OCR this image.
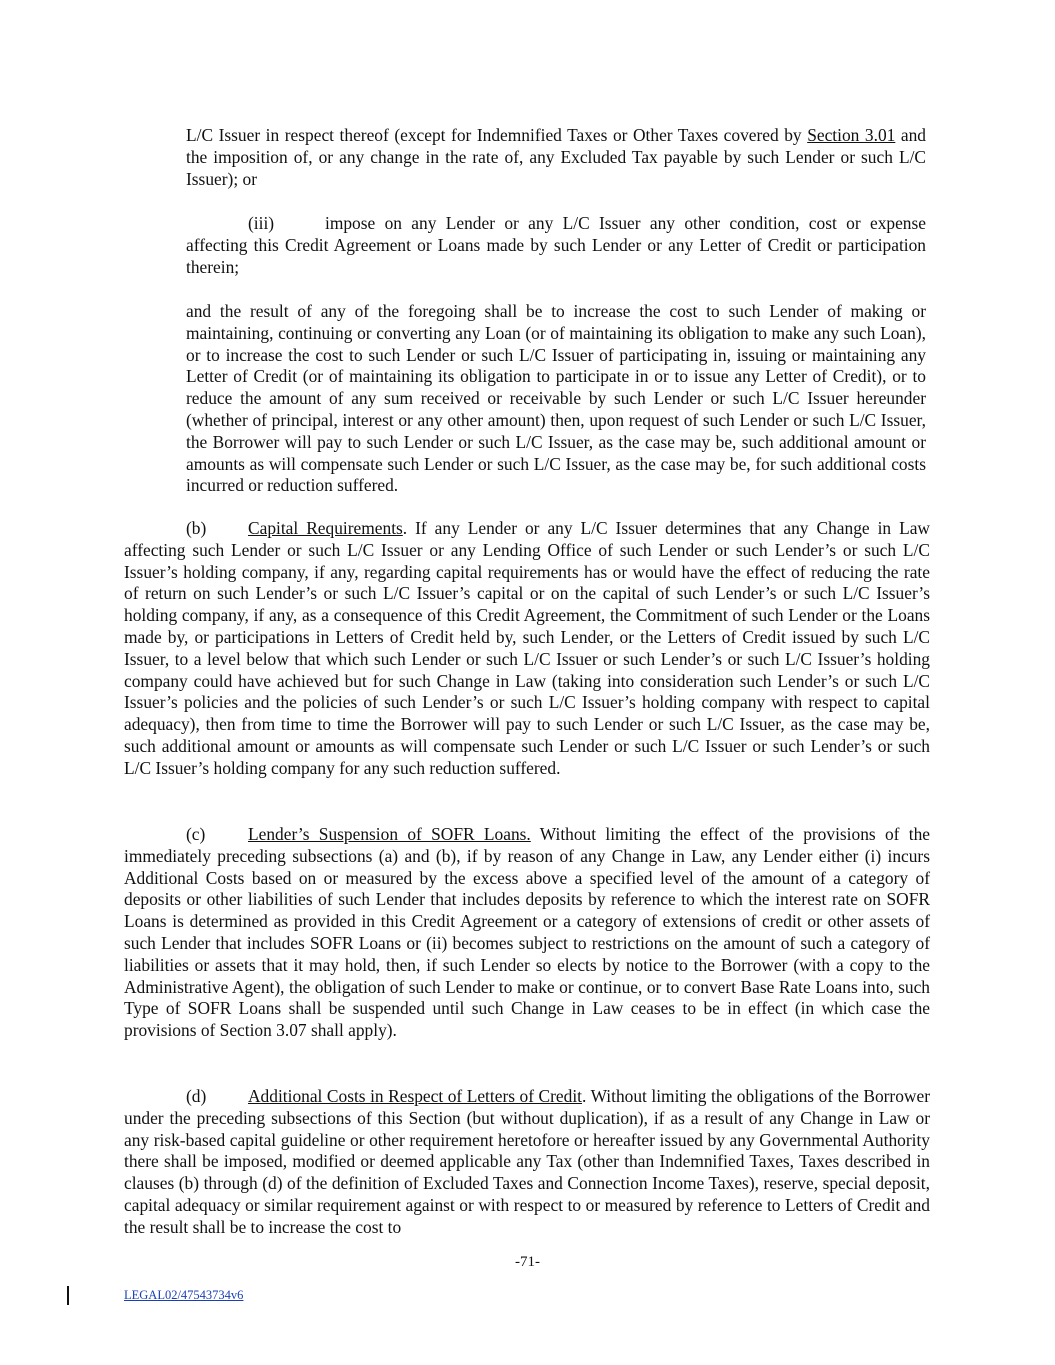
L/C Issuer in respect thereof (except for Indemnified Taxes or Other Taxes covered by Section 3.01 and the imposition of, or any change in the rate of, any Excluded Tax payable by such Lender or such L/C Issuer); or

(iii)	impose on any Lender or any L/C Issuer any other condition, cost or expense affecting this Credit Agreement or Loans made by such Lender or any Letter of Credit or participation therein;

and the result of any of the foregoing shall be to increase the cost to such Lender of making or maintaining, continuing or converting any Loan (or of maintaining its obligation to make any such Loan), or to increase the cost to such Lender or such L/C Issuer of participating in, issuing or maintaining any Letter of Credit (or of maintaining its obligation to participate in or to issue any Letter of Credit), or to reduce the amount of any sum received or receivable by such Lender or such L/C Issuer hereunder (whether of principal, interest or any other amount) then, upon request of such Lender or such L/C Issuer, the Borrower will pay to such Lender or such L/C Issuer, as the case may be, such additional amount or amounts as will compensate such Lender or such L/C Issuer, as the case may be, for such additional costs incurred or reduction suffered.

(b) Capital Requirements. If any Lender or any L/C Issuer determines that any Change in Law affecting such Lender or such L/C Issuer or any Lending Office of such Lender or such Lender’s or such L/C Issuer’s holding company, if any, regarding capital requirements has or would have the effect of reducing the rate of return on such Lender’s or such L/C Issuer’s capital or on the capital of such Lender’s or such L/C Issuer’s holding company, if any, as a consequence of this Credit Agreement, the Commitment of such Lender or the Loans made by, or participations in Letters of Credit held by, such Lender, or the Letters of Credit issued by such L/C Issuer, to a level below that which such Lender or such L/C Issuer or such Lender’s or such L/C Issuer’s holding company could have achieved but for such Change in Law (taking into consideration such Lender’s or such L/C Issuer’s policies and the policies of such Lender’s or such L/C Issuer’s holding company with respect to capital adequacy), then from time to time the Borrower will pay to such Lender or such L/C Issuer, as the case may be, such additional amount or amounts as will compensate such Lender or such L/C Issuer or such Lender’s or such L/C Issuer’s holding company for any such reduction suffered.

(c) Lender’s Suspension of SOFR Loans. Without limiting the effect of the provisions of the immediately preceding subsections (a) and (b), if by reason of any Change in Law, any Lender either (i) incurs Additional Costs based on or measured by the excess above a specified level of the amount of a category of deposits or other liabilities of such Lender that includes deposits by reference to which the interest rate on SOFR Loans is determined as provided in this Credit Agreement or a category of extensions of credit or other assets of such Lender that includes SOFR Loans or (ii) becomes subject to restrictions on the amount of such a category of liabilities or assets that it may hold, then, if such Lender so elects by notice to the Borrower (with a copy to the Administrative Agent), the obligation of such Lender to make or continue, or to convert Base Rate Loans into, such Type of SOFR Loans shall be suspended until such Change in Law ceases to be in effect (in which case the provisions of Section 3.07 shall apply).

(d) Additional Costs in Respect of Letters of Credit. Without limiting the obligations of the Borrower under the preceding subsections of this Section (but without duplication), if as a result of any Change in Law or any risk-based capital guideline or other requirement heretofore or hereafter issued by any Governmental Authority there shall be imposed, modified or deemed applicable any Tax (other than Indemnified Taxes, Taxes described in clauses (b) through (d) of the definition of Excluded Taxes and Connection Income Taxes), reserve, special deposit, capital adequacy or similar requirement against or with respect to or measured by reference to Letters of Credit and the result shall be to increase the cost to

-71-
LEGAL02/47543734v6
